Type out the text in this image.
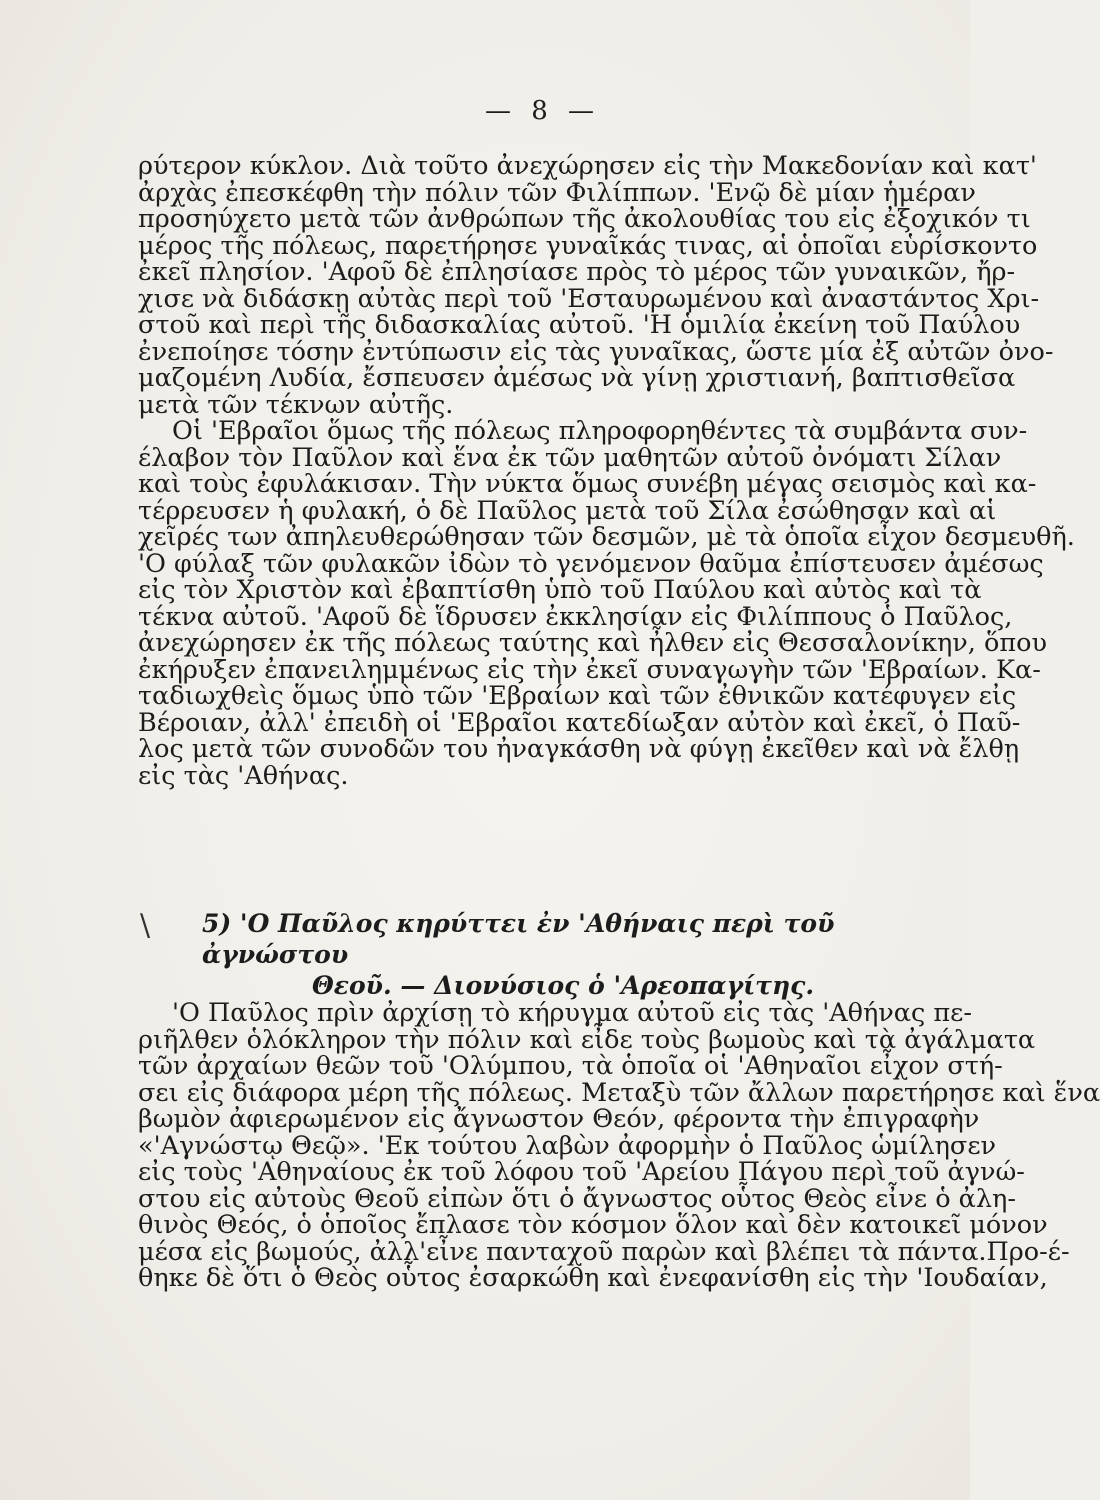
— 8 —
ρύτερον κύκλον. Διὰ τοῦτο ἀνεχώρησεν εἰς τὴν Μακεδονίαν καὶ κατ'
ἀρχὰς ἐπεσκέφθη τὴν πόλιν τῶν Φιλίππων. 'Ενῷ δὲ μίαν ἡμέραν
προσηύχετο μετὰ τῶν ἀνθρώπων τῆς ἀκολουθίας του εἰς ἐξοχικόν τι
μέρος τῆς πόλεως, παρετήρησε γυναῖκάς τινας, αἱ ὁποῖαι εὑρίσκοντο
ἐκεῖ πλησίον. 'Αφοῦ δὲ ἐπλησίασε πρὸς τὸ μέρος τῶν γυναικῶν, ἤρ-
χισε νὰ διδάσκῃ αὐτὰς περὶ τοῦ 'Εσταυρωμένου καὶ ἀναστάντος Χρι-
στοῦ καὶ περὶ τῆς διδασκαλίας αὐτοῦ. 'Η ὁμιλία ἐκείνη τοῦ Παύλου
ἐνεποίησε τόσην ἐντύπωσιν εἰς τὰς γυναῖκας, ὥστε μία ἐξ αὐτῶν ὀνο-
μαζομένη Λυδία, ἔσπευσεν ἀμέσως νὰ γίνῃ χριστιανή, βαπτισθεῖσα
μετὰ τῶν τέκνων αὐτῆς.
Οἱ 'Εβραῖοι ὅμως τῆς πόλεως πληροφορηθέντες τὰ συμβάντα συν-
έλαβον τὸν Παῦλον καὶ ἕνα ἐκ τῶν μαθητῶν αὐτοῦ ὀνόματι Σίλαν
καὶ τοὺς ἐφυλάκισαν. Τὴν νύκτα ὅμως συνέβη μέγας σεισμὸς καὶ κα-
τέρρευσεν ἡ φυλακή, ὁ δὲ Παῦλος μετὰ τοῦ Σίλα ἐσώθησαν καὶ αἱ
χεῖρές των ἀπηλευθερώθησαν τῶν δεσμῶν, μὲ τὰ ὁποῖα εἶχον δεσμευθῆ.
'Ο φύλαξ τῶν φυλακῶν ἰδὼν τὸ γενόμενον θαῦμα ἐπίστευσεν ἀμέσως
εἰς τὸν Χριστὸν καὶ ἐβαπτίσθη ὑπὸ τοῦ Παύλου καὶ αὐτὸς καὶ τὰ
τέκνα αὐτοῦ. 'Αφοῦ δὲ ἵδρυσεν ἐκκλησίαν εἰς Φιλίππους ὁ Παῦλος,
ἀνεχώρησεν ἐκ τῆς πόλεως ταύτης καὶ ἦλθεν εἰς Θεσσαλονίκην, ὅπου
ἐκήρυξεν ἐπανειλημμένως εἰς τὴν ἐκεῖ συναγωγὴν τῶν 'Εβραίων. Κα-
ταδιωχθεὶς ὅμως ὑπὸ τῶν 'Εβραίων καὶ τῶν ἐθνικῶν κατέφυγεν εἰς
Βέροιαν, ἀλλ' ἐπειδὴ οἱ 'Εβραῖοι κατεδίωξαν αὐτὸν καὶ ἐκεῖ, ὁ Παῦ-
λος μετὰ τῶν συνοδῶν του ἠναγκάσθη νὰ φύγῃ ἐκεῖθεν καὶ νὰ ἔλθῃ
εἰς τὰς 'Αθήνας.
\	5) 'Ο Παῦλος κηρύττει ἐν 'Αθήναις περὶ τοῦ ἀγνώστου
Θεοῦ. — Διονύσιος ὁ 'Αρεοπαγίτης.
'Ο Παῦλος πρὶν ἀρχίσῃ τὸ κήρυγμα αὐτοῦ εἰς τὰς 'Αθήνας πε-
ριῆλθεν ὁλόκληρον τὴν πόλιν καὶ εἶδε τοὺς βωμοὺς καὶ τὰ ἀγάλματα
τῶν ἀρχαίων θεῶν τοῦ 'Ολύμπου, τὰ ὁποῖα οἱ 'Αθηναῖοι εἶχον στή-
σει εἰς διάφορα μέρη τῆς πόλεως. Μεταξὺ τῶν ἄλλων παρετήρησε καὶ ἕνα
βωμὸν ἀφιερωμένον εἰς ἄγνωστον Θεόν, φέροντα τὴν ἐπιγραφὴν
«'Αγνώστῳ Θεῷ». 'Εκ τούτου λαβὼν ἀφορμὴν ὁ Παῦλος ὡμίλησεν
εἰς τοὺς 'Αθηναίους ἐκ τοῦ λόφου τοῦ 'Αρείου Πάγου περὶ τοῦ ἀγνώ-
στου εἰς αὐτοὺς Θεοῦ εἰπὼν ὅτι ὁ ἄγνωστος οὗτος Θεὸς εἶνε ὁ ἀλη-
θινὸς Θεός, ὁ ὁποῖος ἔπλασε τὸν κόσμον ὅλον καὶ δὲν κατοικεῖ μόνον
μέσα εἰς βωμούς, ἀλλ'εἶνε πανταχοῦ παρὼν καὶ βλέπει τὰ πάντα.Προ-έ-
θηκε δὲ ὅτι ὁ Θεὸς οὗτος ἐσαρκώθη καὶ ἐνεφανίσθη εἰς τὴν 'Ιουδαίαν,
